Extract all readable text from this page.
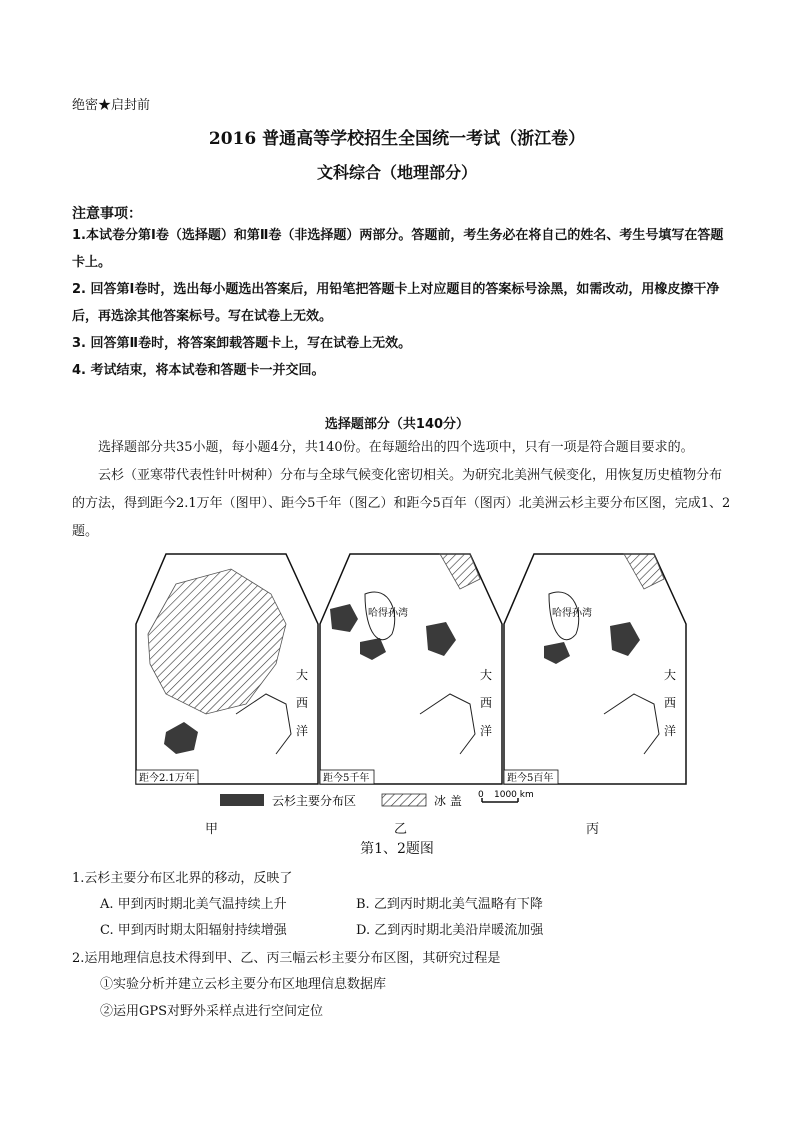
绝密★启封前
2016 普通高等学校招生全国统一考试（浙江卷）
文科综合（地理部分）
注意事项：
1.本试卷分第Ⅰ卷（选择题）和第Ⅱ卷（非选择题）两部分。答题前，考生务必在将自己的姓名、考生号填写在答题卡上。
2. 回答第Ⅰ卷时，选出每小题选出答案后，用铅笔把答题卡上对应题目的答案标号涂黑，如需改动，用橡皮擦干净后，再选涂其他答案标号。写在试卷上无效。
3. 回答第Ⅱ卷时，将答案卸载答题卡上，写在试卷上无效。
4. 考试结束，将本试卷和答题卡一并交回。
选择题部分（共140分）
选择题部分共35小题，每小题4分，共140份。在每题给出的四个选项中，只有一项是符合题目要求的。
云杉（亚寒带代表性针叶树种）分布与全球气候变化密切相关。为研究北美洲气候变化，用恢复历史植物分布的方法，得到距今2.1万年（图甲）、距今5千年（图乙）和距今5百年（图丙）北美洲云杉主要分布区图，完成1、2题。
大
西
洋
距今2.1万年
哈得孙湾
大
西
洋
距今5千年
哈得孙湾
大
西
洋
距今5百年
云杉主要分布区	冰 盖 0 1000 km
甲	乙	丙
第1、2题图
1.云杉主要分布区北界的移动，反映了
A. 甲到丙时期北美气温持续上升	B. 乙到丙时期北美气温略有下降
C. 甲到丙时期太阳辐射持续增强	D. 乙到丙时期北美沿岸暖流加强
2.运用地理信息技术得到甲、乙、丙三幅云杉主要分布区图，其研究过程是
①实验分析并建立云杉主要分布区地理信息数据库
②运用GPS对野外采样点进行空间定位
